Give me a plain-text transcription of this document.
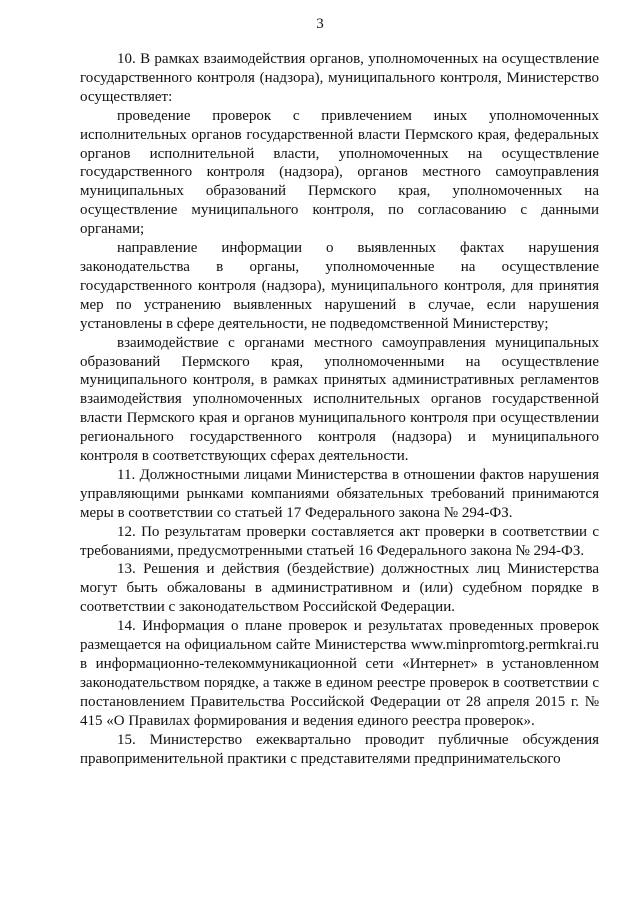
3

10. В рамках взаимодействия органов, уполномоченных на осуществление государственного контроля (надзора), муниципального контроля, Министерство осуществляет:

проведение проверок с привлечением иных уполномоченных исполнительных органов государственной власти Пермского края, федеральных органов исполнительной власти, уполномоченных на осуществление государственного контроля (надзора), органов местного самоуправления муниципальных образований Пермского края, уполномоченных на осуществление муниципального контроля, по согласованию с данными органами;

направление информации о выявленных фактах нарушения законодательства в органы, уполномоченные на осуществление государственного контроля (надзора), муниципального контроля, для принятия мер по устранению выявленных нарушений в случае, если нарушения установлены в сфере деятельности, не подведомственной Министерству;

взаимодействие с органами местного самоуправления муниципальных образований Пермского края, уполномоченными на осуществление муниципального контроля, в рамках принятых административных регламентов взаимодействия уполномоченных исполнительных органов государственной власти Пермского края и органов муниципального контроля при осуществлении регионального государственного контроля (надзора) и муниципального контроля в соответствующих сферах деятельности.

11. Должностными лицами Министерства в отношении фактов нарушения управляющими рынками компаниями обязательных требований принимаются меры в соответствии со статьей 17 Федерального закона № 294-ФЗ.

12. По результатам проверки составляется акт проверки в соответствии с требованиями, предусмотренными статьей 16 Федерального закона № 294-ФЗ.

13. Решения и действия (бездействие) должностных лиц Министерства могут быть обжалованы в административном и (или) судебном порядке в соответствии с законодательством Российской Федерации.

14. Информация о плане проверок и результатах проведенных проверок размещается на официальном сайте Министерства www.minpromtorg.permkrai.ru в информационно-телекоммуникационной сети «Интернет» в установленном законодательством порядке, а также в едином реестре проверок в соответствии с постановлением Правительства Российской Федерации от 28 апреля 2015 г. № 415 «О Правилах формирования и ведения единого реестра проверок».

15. Министерство ежеквартально проводит публичные обсуждения правоприменительной практики с представителями предпринимательского
